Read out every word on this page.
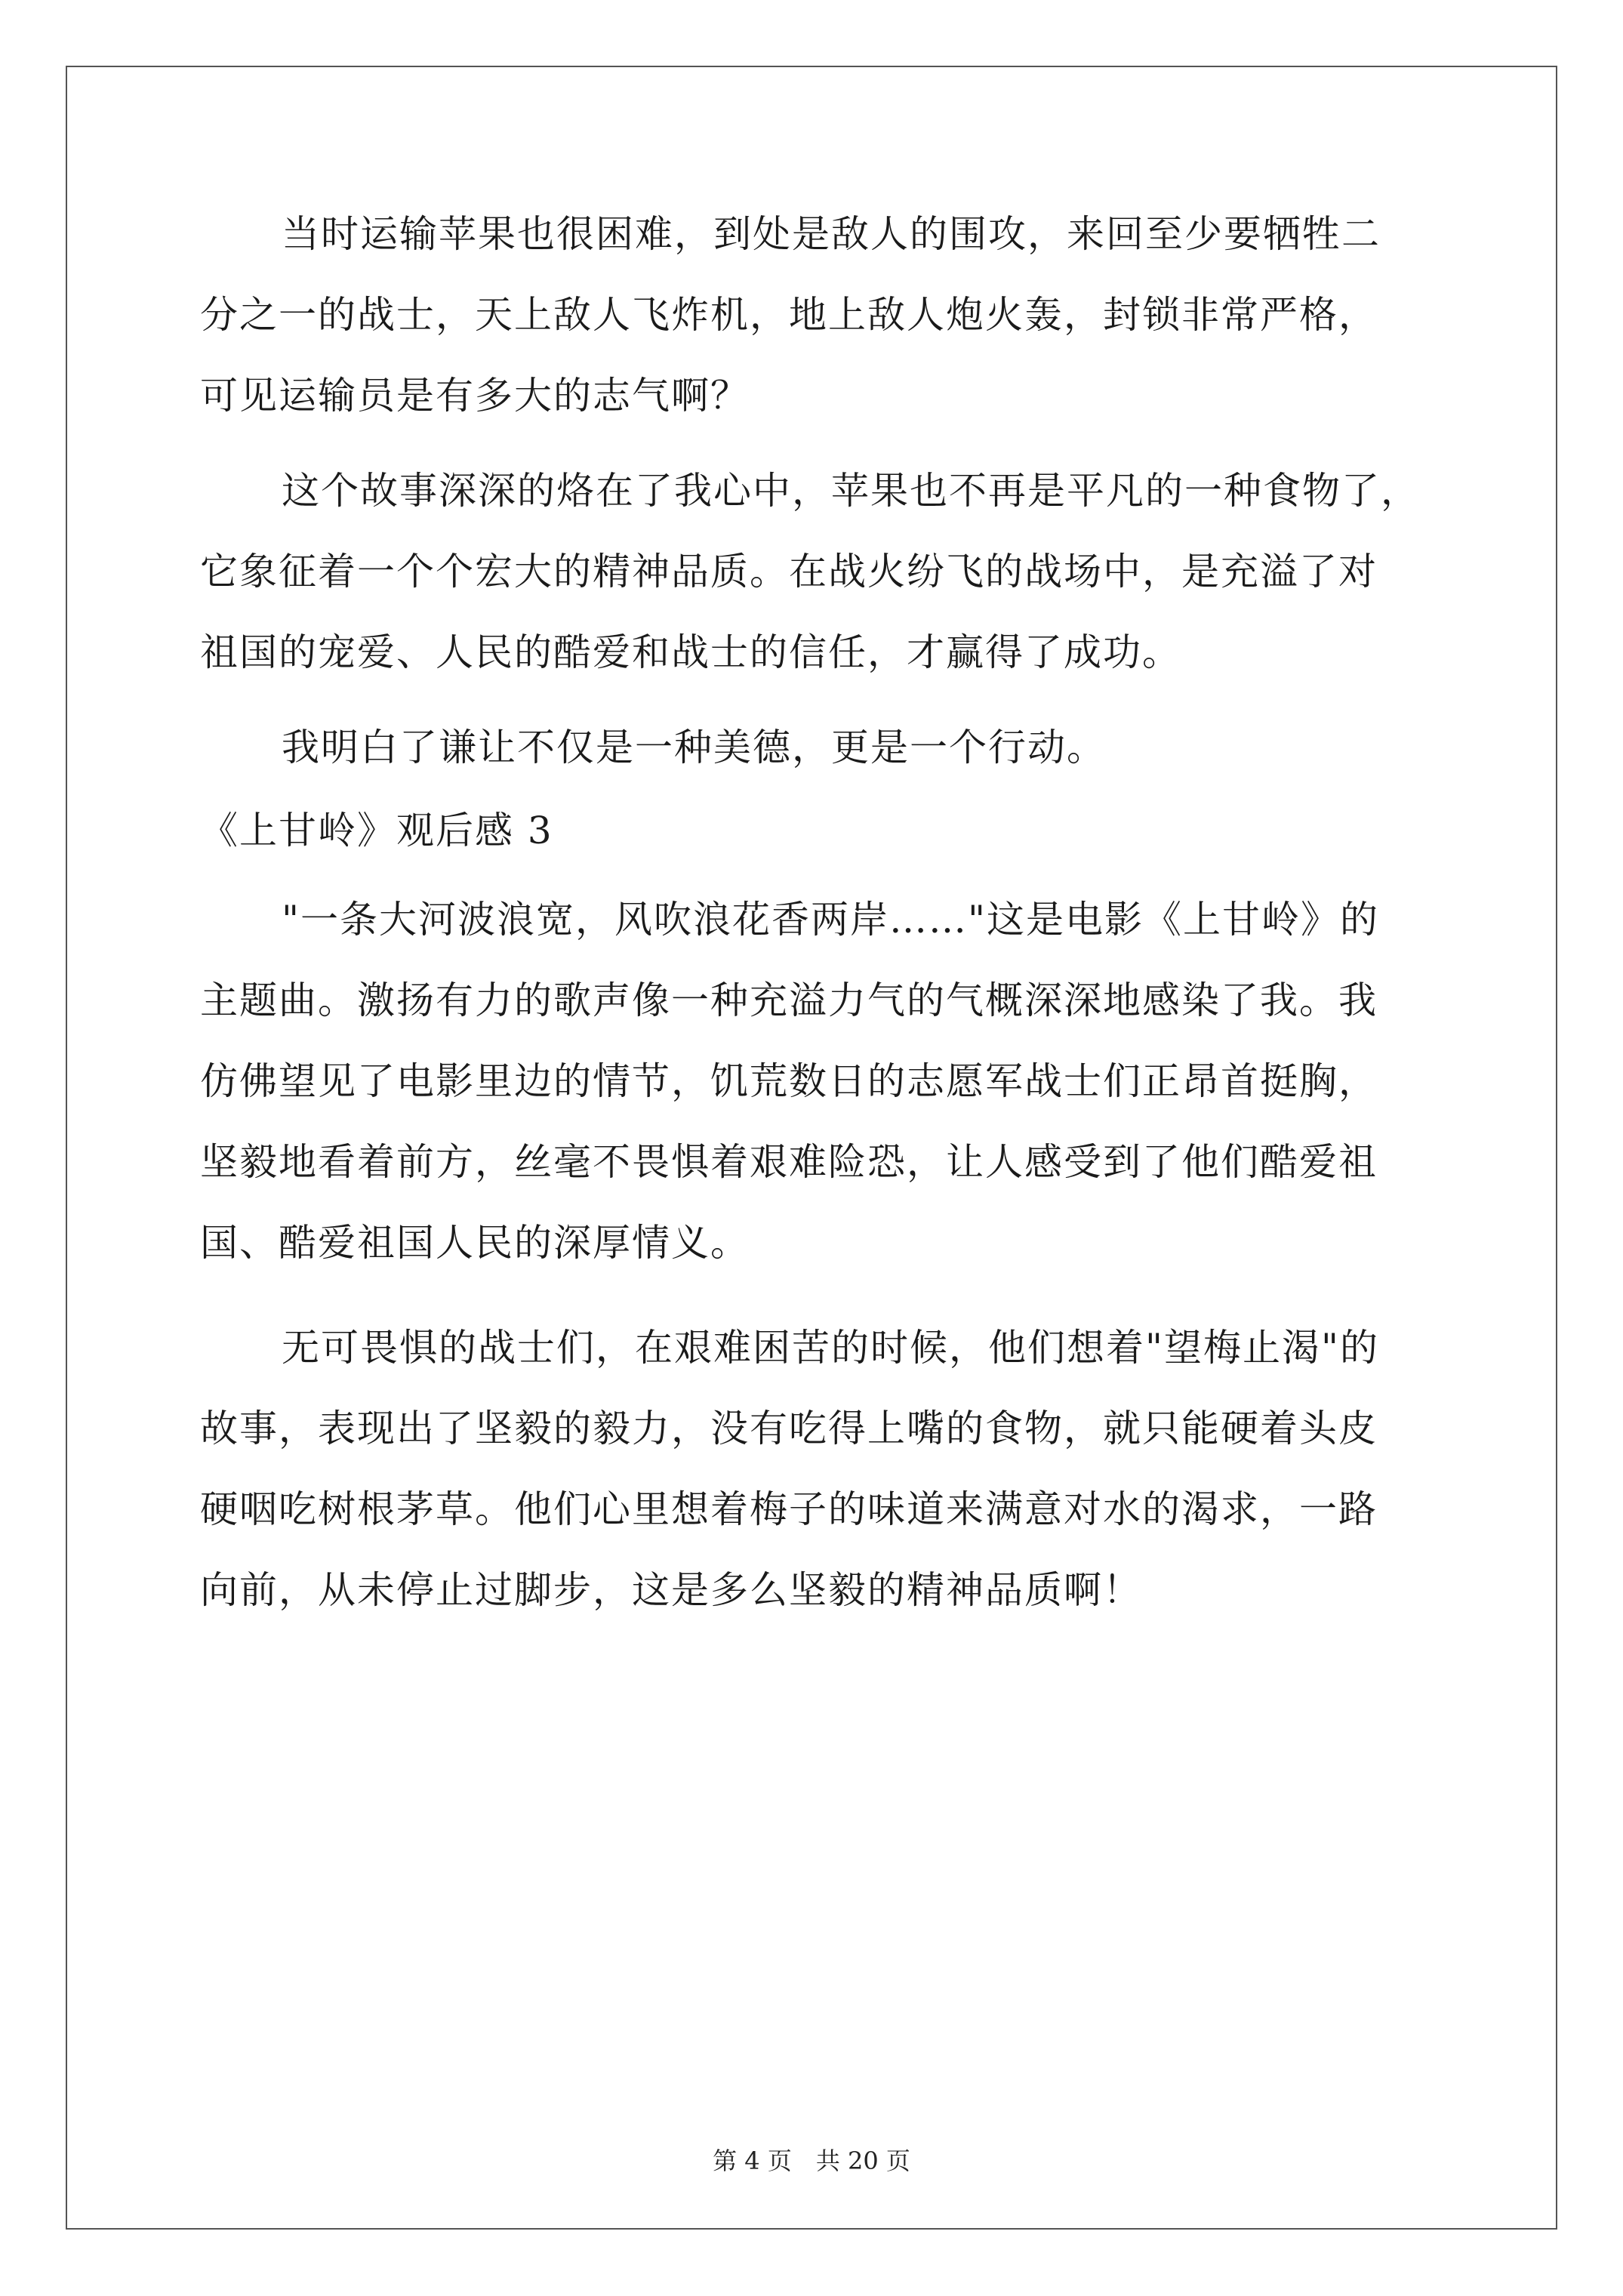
当时运输苹果也很困难，到处是敌人的围攻，来回至少要牺牲二
分之一的战士，天上敌人飞炸机，地上敌人炮火轰，封锁非常严格，
可见运输员是有多大的志气啊？
这个故事深深的烙在了我心中，苹果也不再是平凡的一种食物了，
它象征着一个个宏大的精神品质。在战火纷飞的战场中，是充溢了对
祖国的宠爱、人民的酷爱和战士的信任，才赢得了成功。
我明白了谦让不仅是一种美德，更是一个行动。
《上甘岭》观后感 3
"一条大河波浪宽，风吹浪花香两岸……"这是电影《上甘岭》的
主题曲。激扬有力的歌声像一种充溢力气的气概深深地感染了我。我
仿佛望见了电影里边的情节，饥荒数日的志愿军战士们正昂首挺胸，
坚毅地看着前方，丝毫不畏惧着艰难险恐，让人感受到了他们酷爱祖
国、酷爱祖国人民的深厚情义。
无可畏惧的战士们，在艰难困苦的时候，他们想着"望梅止渴"的
故事，表现出了坚毅的毅力，没有吃得上嘴的食物，就只能硬着头皮
硬咽吃树根茅草。他们心里想着梅子的味道来满意对水的渴求，一路
向前，从未停止过脚步，这是多么坚毅的精神品质啊！
第 4 页　共 20 页
